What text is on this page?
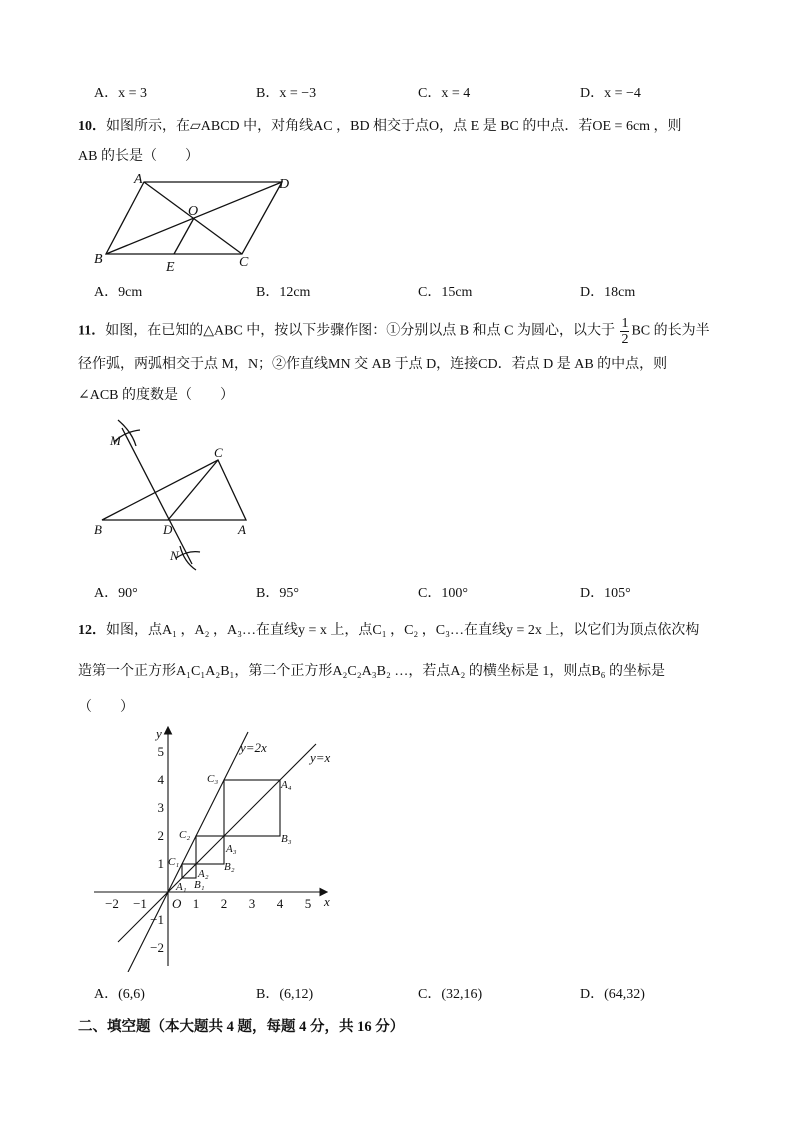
A．x = 3	B．x = −3	C．x = 4	D．x = −4
10．如图所示，在▱ABCD 中，对角线AC ，BD 相交于点O，点 E 是 BC 的中点．若OE = 6cm ，则
AB 的长是（　　）
A	D
O
B	C
E
A．9cm	B．12cm	C．15cm	D．18cm
11．如图，在已知的△ABC 中，按以下步骤作图：①分别以点 B 和点 C 为圆心，以大于 $\frac{1}{2}$ BC 的长为半
径作弧，两弧相交于点 M，N；②作直线MN 交 AB 于点 D，连接CD．若点 D 是 AB 的中点，则
∠ACB 的度数是（　　）
M
C
B	D	A
N
A．90°	B．95°	C．100°	D．105°
12．如图，点A₁ ，A₂ ，A₃…在直线y = x 上，点C₁ ，C₂ ，C₃…在直线y = 2x 上，以它们为顶点依次构
造第一个正方形A₁C₁A₂B₁，第二个正方形A₂C₂A₃B₂ …，若点A₂ 的横坐标是 1，则点B₆ 的坐标是
（　　）
−2 −1	1 2 3 4 5
5
4
3
2
1
−1
−2
x
y
O
y=2x
y=x
C₃	A₄
C₂
A₃
B₃
C₁
A₂
B₂
A₁ B₁
A．(6,6)	B．(6,12)	C．(32,16)	D．(64,32)
二、填空题（本大题共 4 题，每题 4 分，共 16 分）
